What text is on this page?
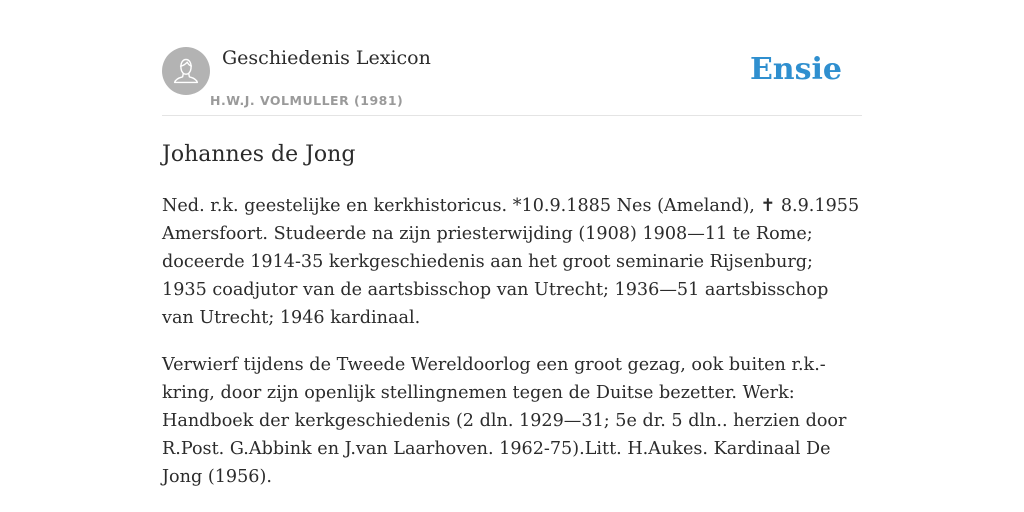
Geschiedenis Lexicon
H.W.J. VOLMULLER (1981)
Ensie
Johannes de Jong

Ned. r.k. geestelijke en kerkhistoricus. *10.9.1885 Nes (Ameland), ✝ 8.9.1955 Amersfoort. Studeerde na zijn priesterwijding (1908) 1908—11 te Rome; doceerde 1914-35 kerkgeschiedenis aan het groot seminarie Rijsenburg; 1935 coadjutor van de aartsbisschop van Utrecht; 1936—51 aartsbisschop van Utrecht; 1946 kardinaal.

Verwierf tijdens de Tweede Wereldoorlog een groot gezag, ook buiten r.k.-kring, door zijn openlijk stellingnemen tegen de Duitse bezetter. Werk: Handboek der kerkgeschiedenis (2 dln. 1929—31; 5e dr. 5 dln.. herzien door R.Post. G.Abbink en J.van Laarhoven. 1962-75).Litt. H.Aukes. Kardinaal De Jong (1956).
